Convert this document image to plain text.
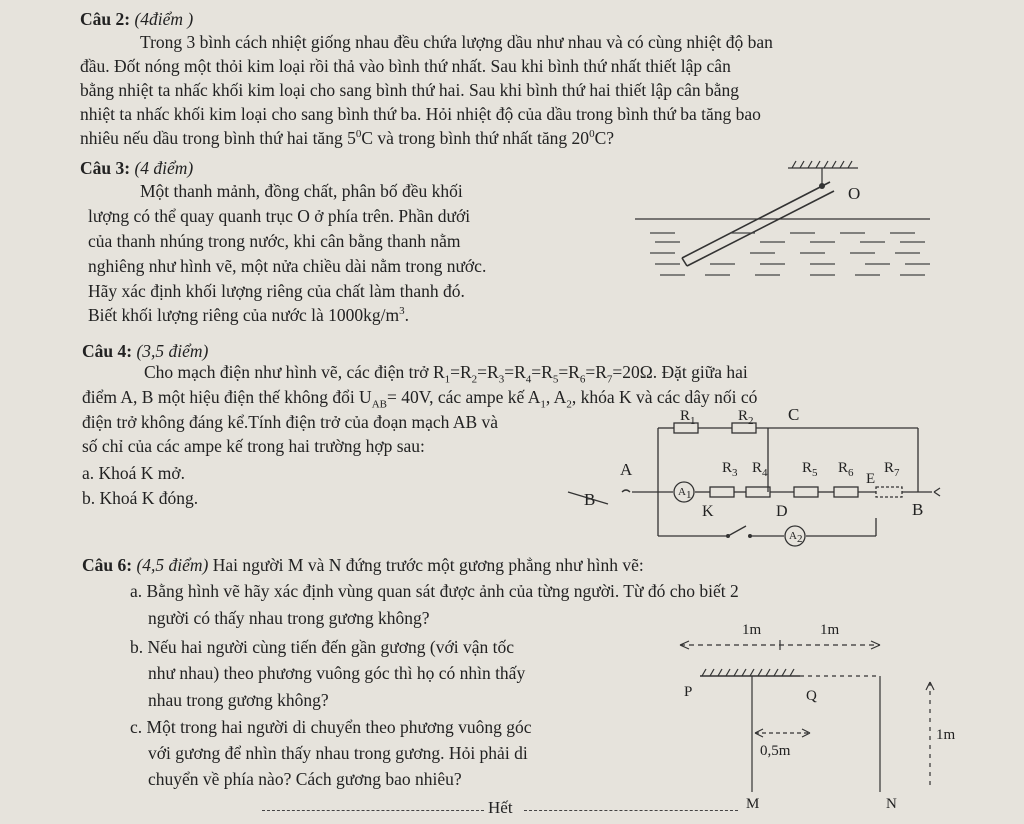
Câu 2: (4điểm )
Trong 3 bình cách nhiệt giống nhau đều chứa lượng dầu như nhau và có cùng nhiệt độ ban
đầu. Đốt nóng một thỏi kim loại rồi thả vào bình thứ nhất. Sau khi bình thứ nhất thiết lập cân
bằng nhiệt ta nhấc khối kim loại cho sang bình thứ hai. Sau khi bình thứ hai thiết lập cân bằng
nhiệt ta nhấc khối kim loại cho sang bình thứ ba. Hỏi nhiệt độ của dầu trong bình thứ ba tăng bao
nhiêu nếu dầu trong bình thứ hai tăng $5^0C$ và trong bình thứ nhất tăng $20^0C$?
Câu 3: (4 điểm)
Một thanh mảnh, đồng chất, phân bố đều khối
lượng có thể quay quanh trục O ở phía trên. Phần dưới
của thanh nhúng trong nước, khi cân bằng thanh nằm
nghiêng như hình vẽ, một nửa chiều dài nằm trong nước.
Hãy xác định khối lượng riêng của chất làm thanh đó.
Biết khối lượng riêng của nước là $1000kg/m^3$.
O
Câu 4: (3,5 điểm)
Cho mạch điện như hình vẽ, các điện trở $R_1=R_2=R_3=R_4=R_5=R_6=R_7=20\Omega$. Đặt giữa hai
điểm A, B một hiệu điện thế không đổi $U_{AB}= 40V$, các ampe kế $A_1$, $A_2$, khóa K và các dây nối có
điện trở không đáng kể.Tính điện trở của đoạn mạch AB và
số chỉ của các ampe kế trong hai trường hợp sau:
a. Khoá K mở.
b. Khoá K đóng.
$R_1$	$R_2$ C
A
B
B
$R_3$ $R_4$ $R_5$ $R_6$ $R_7$
E
$A_1$
K	D
$A_2$
Câu 6: (4,5 điểm) Hai người M và N đứng trước một gương phẳng như hình vẽ:
a. Bằng hình vẽ hãy xác định vùng quan sát được ảnh của từng người. Từ đó cho biết 2
người có thấy nhau trong gương không?
b. Nếu hai người cùng tiến đến gần gương (với vận tốc
như nhau) theo phương vuông góc thì họ có nhìn thấy
nhau trong gương không?
c. Một trong hai người di chuyển theo phương vuông góc
với gương để nhìn thấy nhau trong gương. Hỏi phải di
chuyển về phía nào? Cách gương bao nhiêu?
1m	1m
P	Q
0,5m
1m
M	N
Hết
